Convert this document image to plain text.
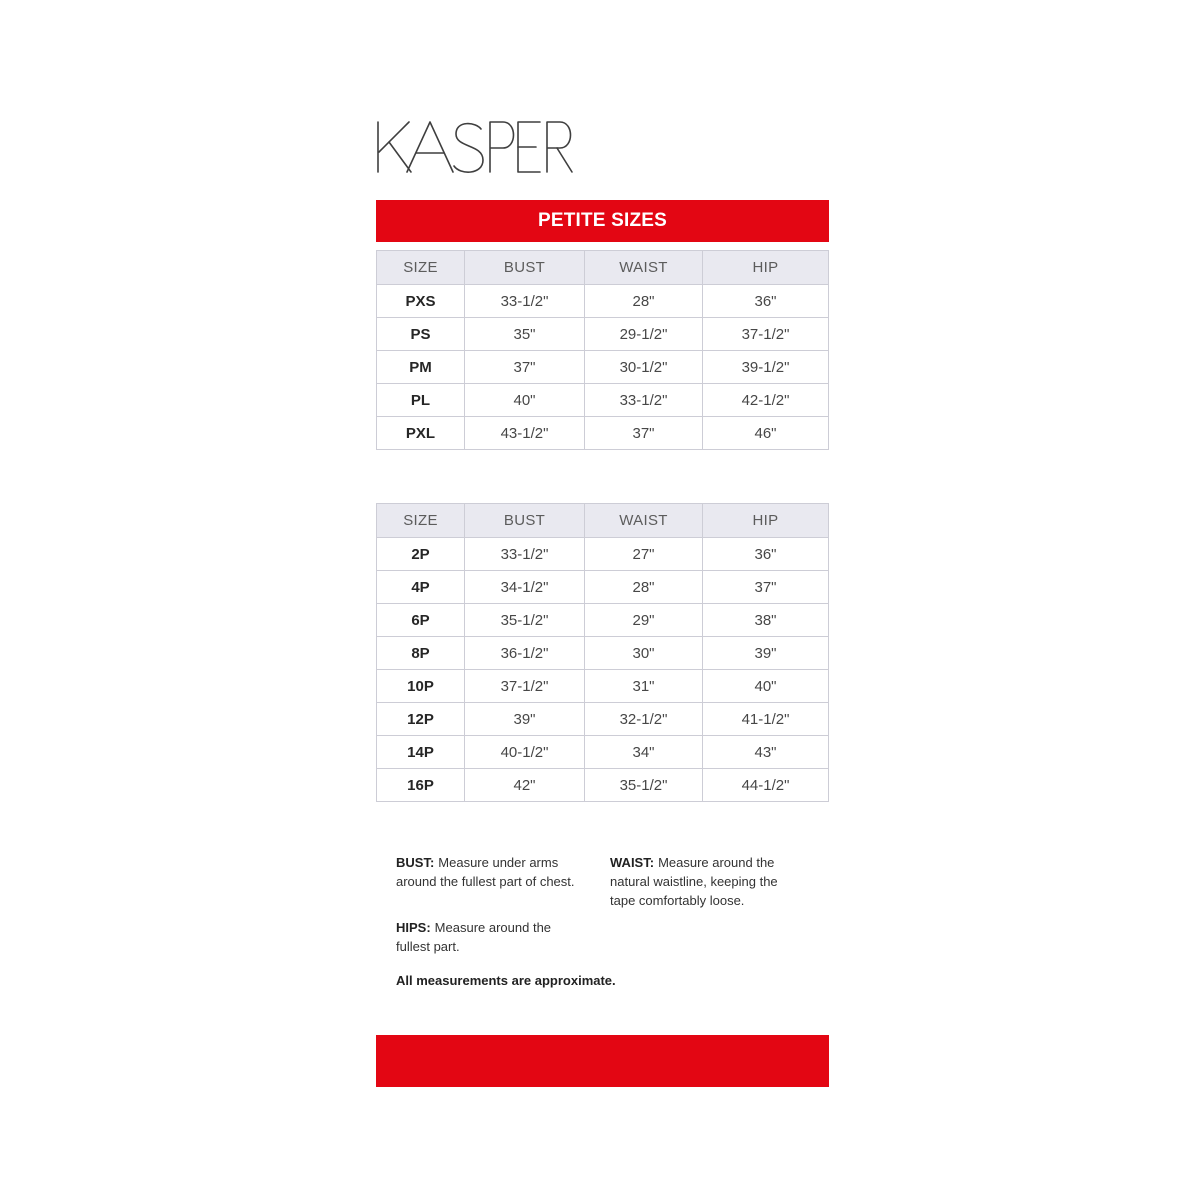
PETITE SIZES
SIZE	BUST	WAIST	HIP
PXS	33-1/2"	28"	36"
PS	35"	29-1/2"	37-1/2"
PM	37"	30-1/2"	39-1/2"
PL	40"	33-1/2"	42-1/2"
PXL	43-1/2"	37"	46"
SIZE	BUST	WAIST	HIP
2P	33-1/2"	27"	36"
4P	34-1/2"	28"	37"
6P	35-1/2"	29"	38"
8P	36-1/2"	30"	39"
10P	37-1/2"	31"	40"
12P	39"	32-1/2"	41-1/2"
14P	40-1/2"	34"	43"
16P	42"	35-1/2"	44-1/2"
BUST: Measure under arms
around the fullest part of chest.
WAIST: Measure around the
natural waistline, keeping the
tape comfortably loose.
HIPS: Measure around the
fullest part.
All measurements are approximate.
